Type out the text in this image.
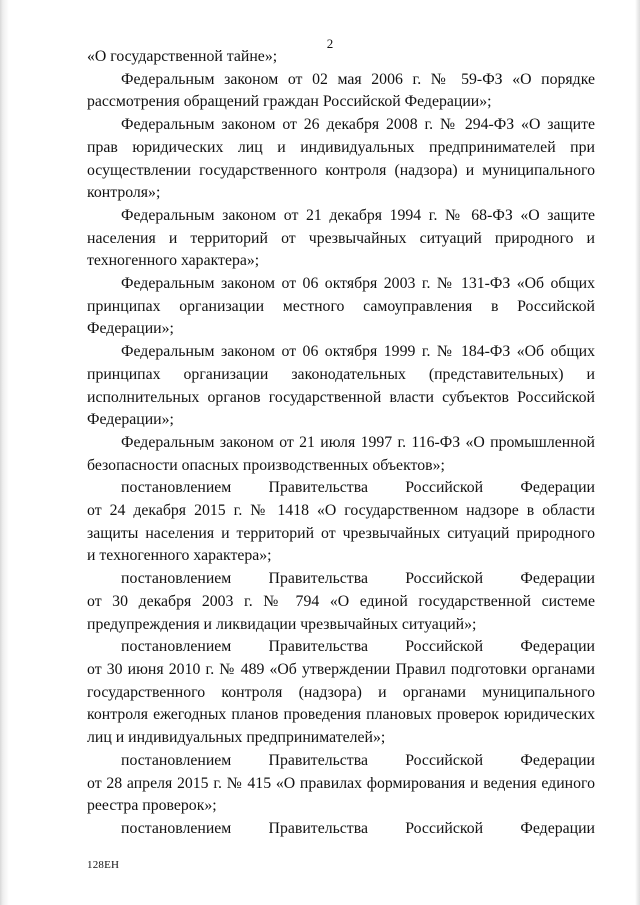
2
«О государственной тайне»;
Федеральным законом от 02 мая 2006 г. № 59-ФЗ «О порядке
рассмотрения обращений граждан Российской Федерации»;
Федеральным законом от 26 декабря 2008 г. № 294-ФЗ «О защите
прав юридических лиц и индивидуальных предпринимателей при
осуществлении государственного контроля (надзора) и муниципального
контроля»;
Федеральным законом от 21 декабря 1994 г. № 68-ФЗ «О защите
населения и территорий от чрезвычайных ситуаций природного и
техногенного характера»;
Федеральным законом от 06 октября 2003 г. № 131-ФЗ «Об общих
принципах организации местного самоуправления в Российской
Федерации»;
Федеральным законом от 06 октября 1999 г. № 184-ФЗ «Об общих
принципах организации законодательных (представительных) и
исполнительных органов государственной власти субъектов Российской
Федерации»;
Федеральным законом от 21 июля 1997 г. 116-ФЗ «О промышленной
безопасности опасных производственных объектов»;
постановлением Правительства Российской Федерации
от 24 декабря 2015 г. № 1418 «О государственном надзоре в области
защиты населения и территорий от чрезвычайных ситуаций природного
и техногенного характера»;
постановлением Правительства Российской Федерации
от 30 декабря 2003 г. № 794 «О единой государственной системе
предупреждения и ликвидации чрезвычайных ситуаций»;
постановлением Правительства Российской Федерации
от 30 июня 2010 г. № 489 «Об утверждении Правил подготовки органами
государственного контроля (надзора) и органами муниципального
контроля ежегодных планов проведения плановых проверок юридических
лиц и индивидуальных предпринимателей»;
постановлением Правительства Российской Федерации
от 28 апреля 2015 г. № 415 «О правилах формирования и ведения единого
реестра проверок»;
постановлением Правительства Российской Федерации
128ЕН
